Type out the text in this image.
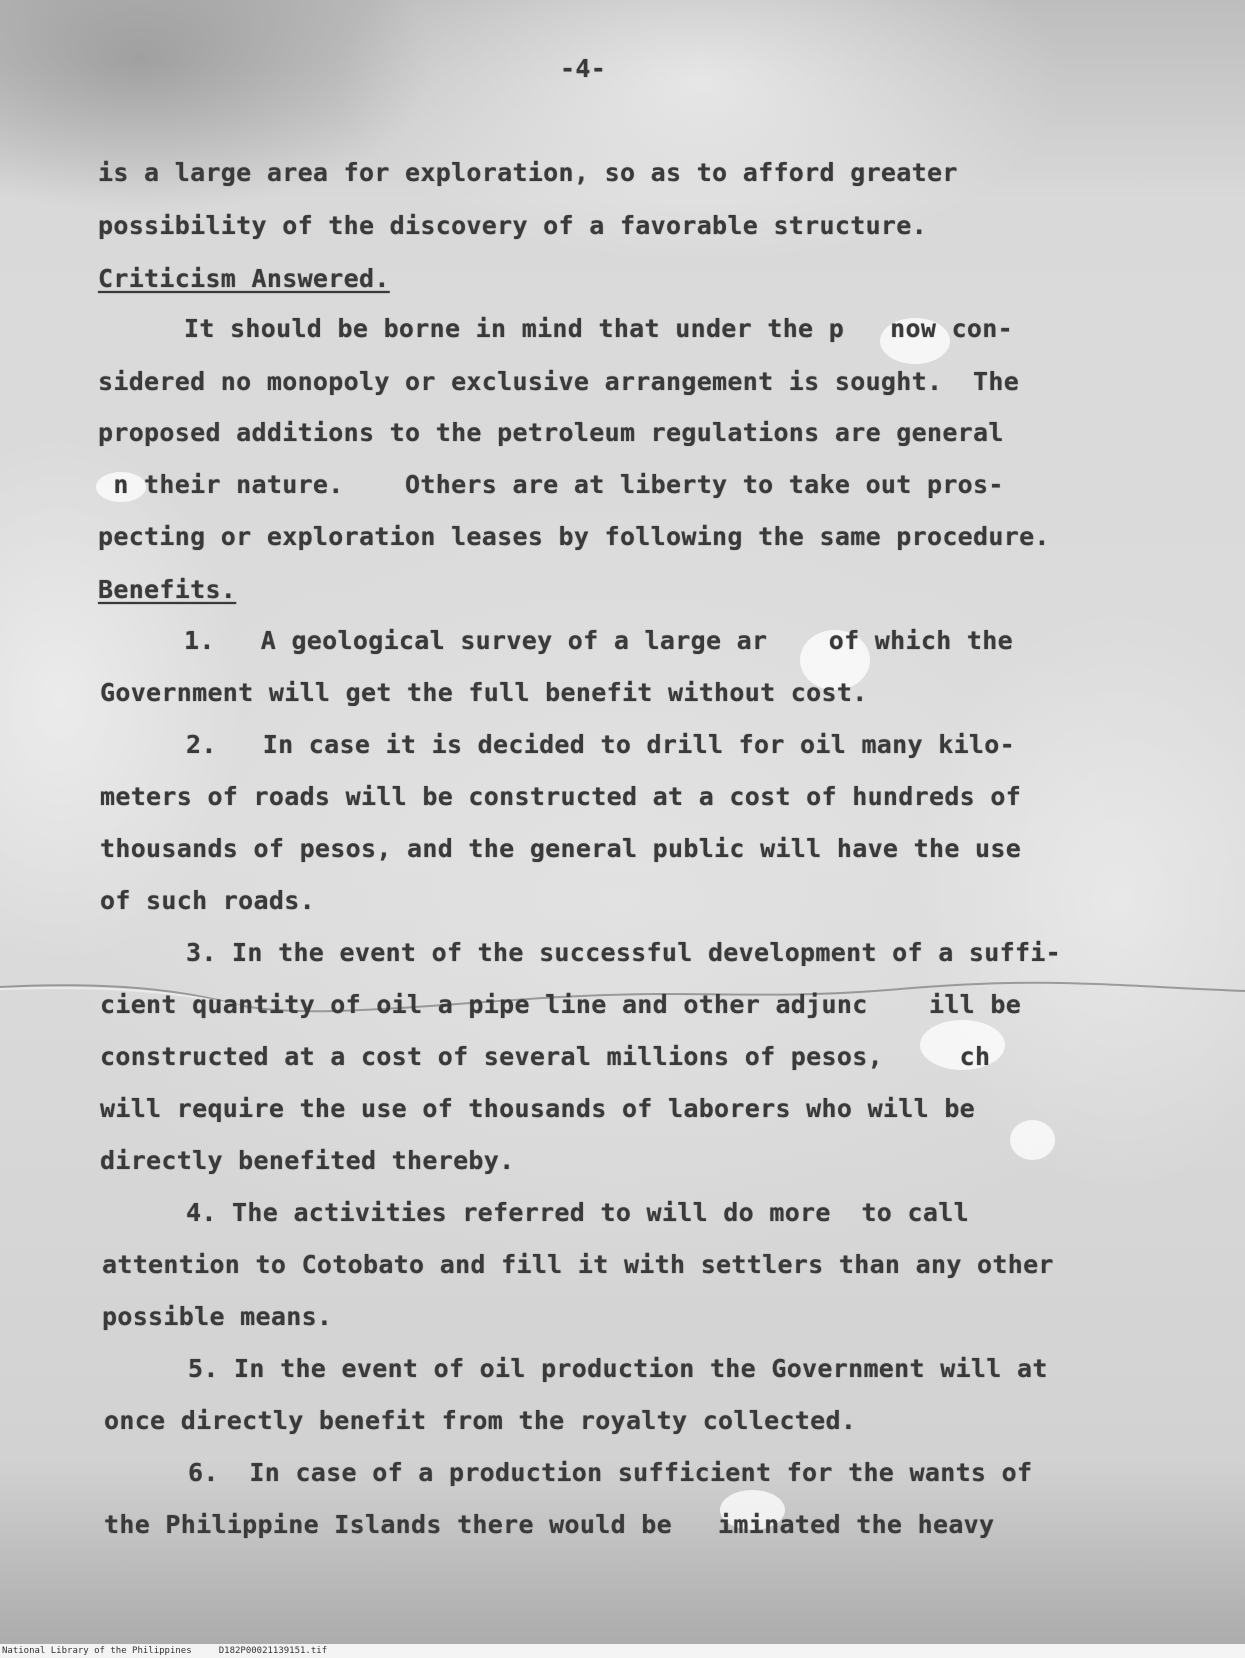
-4-
is a large area for exploration, so as to afford greater
possibility of the discovery of a favorable structure.
Criticism Answered.
It should be borne in mind that under the p   now con-
sidered no monopoly or exclusive arrangement is sought.  The
proposed additions to the petroleum regulations are general
n their nature.    Others are at liberty to take out pros-
pecting or exploration leases by following the same procedure.
Benefits.
1.   A geological survey of a large ar    of which the
Government will get the full benefit without cost.
2.   In case it is decided to drill for oil many kilo-
meters of roads will be constructed at a cost of hundreds of
thousands of pesos, and the general public will have the use
of such roads.
3. In the event of the successful development of a suffi-
cient quantity of oil a pipe line and other adjunc    ill be
constructed at a cost of several millions of pesos,     ch
will require the use of thousands of laborers who will be
directly benefited thereby.
4. The activities referred to will do more  to call
attention to Cotobato and fill it with settlers than any other
possible means.
5. In the event of oil production the Government will at
once directly benefit from the royalty collected.
6.  In case of a production sufficient for the wants of
the Philippine Islands there would be   iminated the heavy
National Library of the Philippines     D182P00021139151.tif
